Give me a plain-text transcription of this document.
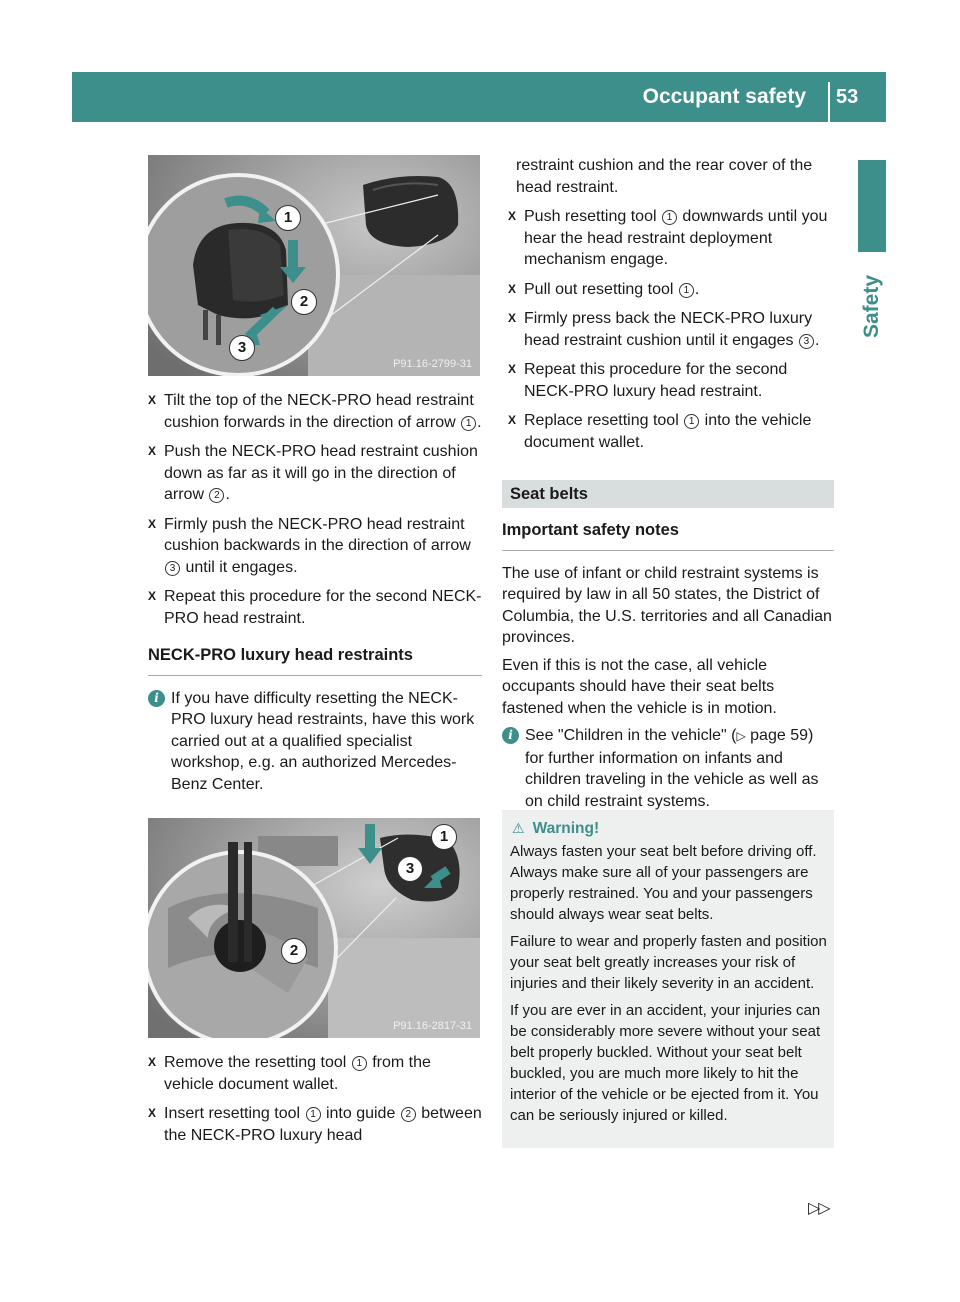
Occupant safety	53
Safety
1
2
3
P91.16-2799-31
X Tilt the top of the NECK-PRO head restraint cushion forwards in the direction of arrow 1 .
X Push the NECK-PRO head restraint cushion down as far as it will go in the direction of arrow 2 .
X Firmly push the NECK-PRO head restraint cushion backwards in the direction of arrow 3 until it engages.
X Repeat this procedure for the second NECK-PRO head restraint.
NECK-PRO luxury head restraints
i If you have difficulty resetting the NECK-PRO luxury head restraints, have this work carried out at a qualified specialist workshop, e.g. an authorized Mercedes-Benz Center.
1
3
2
P91.16-2817-31
X Remove the resetting tool 1 from the vehicle document wallet.
X Insert resetting tool 1 into guide 2 between the NECK-PRO luxury head
restraint cushion and the rear cover of the head restraint.
X Push resetting tool 1 downwards until you hear the head restraint deployment mechanism engage.
X Pull out resetting tool 1 .
X Firmly press back the NECK-PRO luxury head restraint cushion until it engages 3 .
X Repeat this procedure for the second NECK-PRO luxury head restraint.
X Replace resetting tool 1 into the vehicle document wallet.
Seat belts
Important safety notes
The use of infant or child restraint systems is required by law in all 50 states, the District of Columbia, the U.S. territories and all Canadian provinces.
Even if this is not the case, all vehicle occupants should have their seat belts fastened when the vehicle is in motion.
i See "Children in the vehicle" (▷ page 59) for further information on infants and children traveling in the vehicle as well as on child restraint systems.
⚠ Warning!

Always fasten your seat belt before driving off. Always make sure all of your passengers are properly restrained. You and your passengers should always wear seat belts.

Failure to wear and properly fasten and position your seat belt greatly increases your risk of injuries and their likely severity in an accident.

If you are ever in an accident, your injuries can be considerably more severe without your seat belt properly buckled. Without your seat belt buckled, you are much more likely to hit the interior of the vehicle or be ejected from it. You can be seriously injured or killed.

▷▷
